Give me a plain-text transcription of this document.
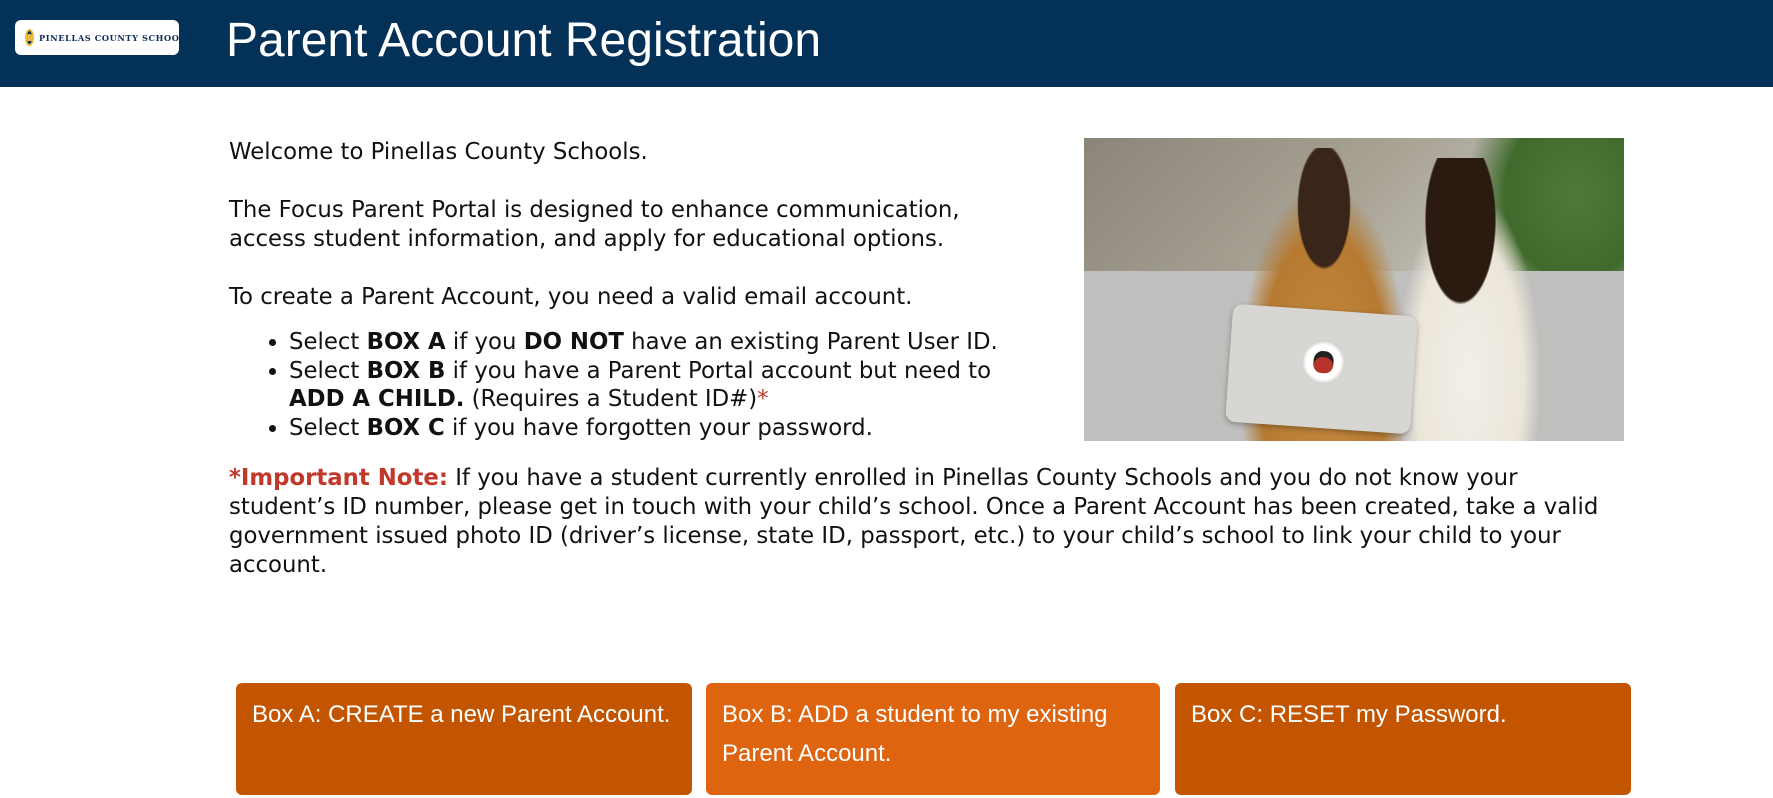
PINELLAS COUNTY SCHOOLS Parent Account Registration

Welcome to Pinellas County Schools.

The Focus Parent Portal is designed to enhance communication,
access student information, and apply for educational options.

To create a Parent Account, you need a valid email account.

• Select BOX A if you DO NOT have an existing Parent User ID.
• Select BOX B if you have a Parent Portal account but need to
ADD A CHILD. (Requires a Student ID#)*
• Select BOX C if you have forgotten your password.

*Important Note: If you have a student currently enrolled in Pinellas County Schools and you do not know your student’s ID number, please get in touch with your child’s school. Once a Parent Account has been created, take a valid government issued photo ID (driver’s license, state ID, passport, etc.) to your child’s school to link your child to your account.

Box A: CREATE a new Parent Account.	Box B: ADD a student to my existing Parent Account.
Box C: RESET my Password.
